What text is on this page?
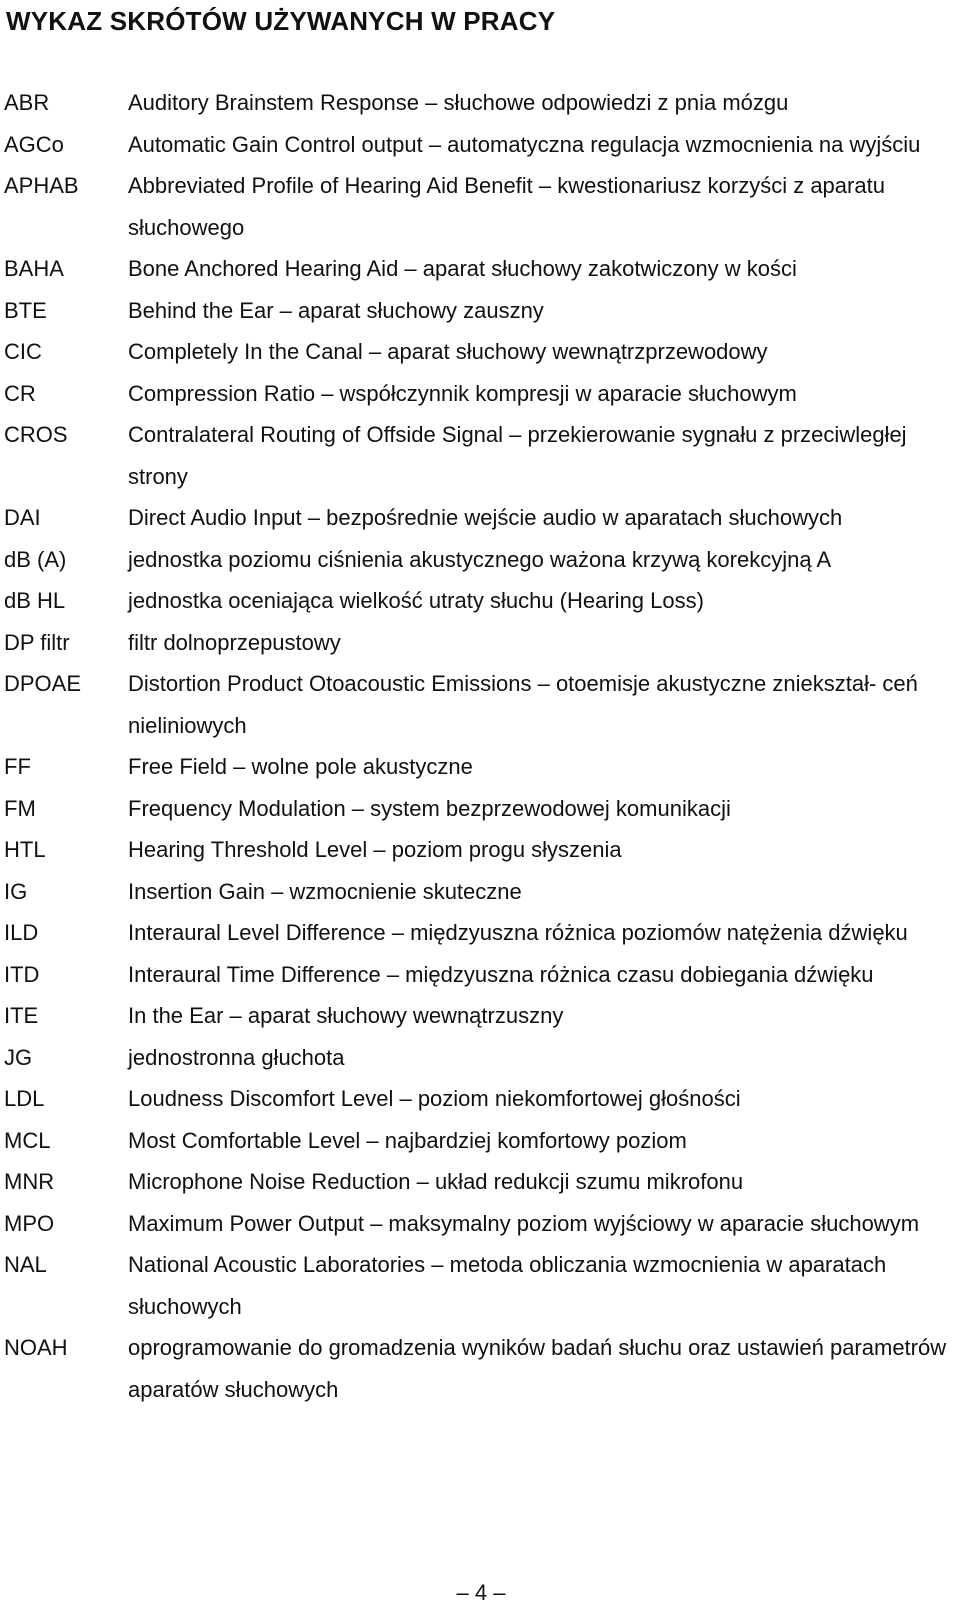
WYKAZ SKRÓTÓW UŻYWANYCH W PRACY
ABR	Auditory Brainstem Response – słuchowe odpowiedzi z pnia mózgu
AGCo	Automatic Gain Control output – automatyczna regulacja wzmocnienia na wyjściu
APHAB	Abbreviated Profile of Hearing Aid Benefit – kwestionariusz korzyści z aparatu słuchowego
BAHA	Bone Anchored Hearing Aid – aparat słuchowy zakotwiczony w kości
BTE	Behind the Ear – aparat słuchowy zauszny
CIC	Completely In the Canal – aparat słuchowy wewnątrzprzewodowy
CR	Compression Ratio – współczynnik kompresji w aparacie słuchowym
CROS	Contralateral Routing of Offside Signal – przekierowanie sygnału z przeciwległej strony
DAI	Direct Audio Input – bezpośrednie wejście audio w aparatach słuchowych
dB (A)	jednostka poziomu ciśnienia akustycznego ważona krzywą korekcyjną A
dB HL	jednostka oceniająca wielkość utraty słuchu (Hearing Loss)
DP filtr	filtr dolnoprzepustowy
DPOAE	Distortion Product Otoacoustic Emissions – otoemisje akustyczne zniekształ- ceń nieliniowych
FF	Free Field – wolne pole akustyczne
FM	Frequency Modulation – system bezprzewodowej komunikacji
HTL	Hearing Threshold Level – poziom progu słyszenia
IG	Insertion Gain – wzmocnienie skuteczne
ILD	Interaural Level Difference – międzyuszna różnica poziomów natężenia dźwięku
ITD	Interaural Time Difference – międzyuszna różnica czasu dobiegania dźwięku
ITE	In the Ear – aparat słuchowy wewnątrzuszny
JG	jednostronna głuchota
LDL	Loudness Discomfort Level – poziom niekomfortowej głośności
MCL	Most Comfortable Level – najbardziej komfortowy poziom
MNR	Microphone Noise Reduction – układ redukcji szumu mikrofonu
MPO	Maximum Power Output – maksymalny poziom wyjściowy w aparacie słuchowym
NAL	National Acoustic Laboratories – metoda obliczania wzmocnienia w aparatach słuchowych
NOAH	oprogramowanie do gromadzenia wyników badań słuchu oraz ustawień parametrów aparatów słuchowych
– 4 –
